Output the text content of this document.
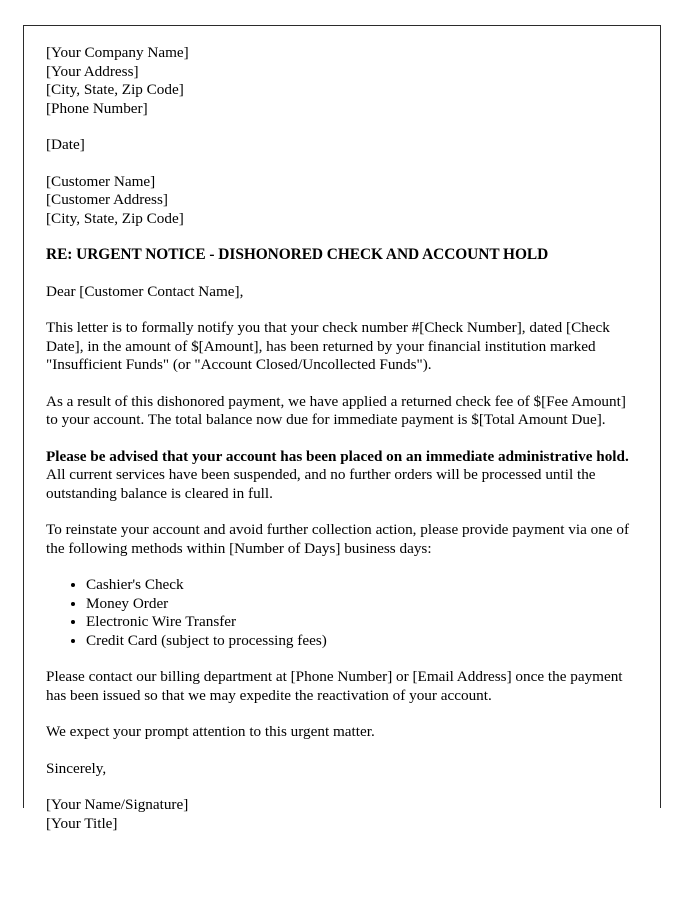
[Your Company Name]
[Your Address]
[City, State, Zip Code]
[Phone Number]
[Date]
[Customer Name]
[Customer Address]
[City, State, Zip Code]
RE: URGENT NOTICE - DISHONORED CHECK AND ACCOUNT HOLD
Dear [Customer Contact Name],

This letter is to formally notify you that your check number #[Check Number], dated [Check Date], in the amount of $[Amount], has been returned by your financial institution marked "Insufficient Funds" (or "Account Closed/Uncollected Funds").

As a result of this dishonored payment, we have applied a returned check fee of $[Fee Amount] to your account. The total balance now due for immediate payment is $[Total Amount Due].

Please be advised that your account has been placed on an immediate administrative hold. All current services have been suspended, and no further orders will be processed until the outstanding balance is cleared in full.

To reinstate your account and avoid further collection action, please provide payment via one of the following methods within [Number of Days] business days:

• Cashier's Check
• Money Order
• Electronic Wire Transfer
• Credit Card (subject to processing fees)

Please contact our billing department at [Phone Number] or [Email Address] once the payment has been issued so that we may expedite the reactivation of your account.

We expect your prompt attention to this urgent matter.

Sincerely,
[Your Name/Signature]
[Your Title]
